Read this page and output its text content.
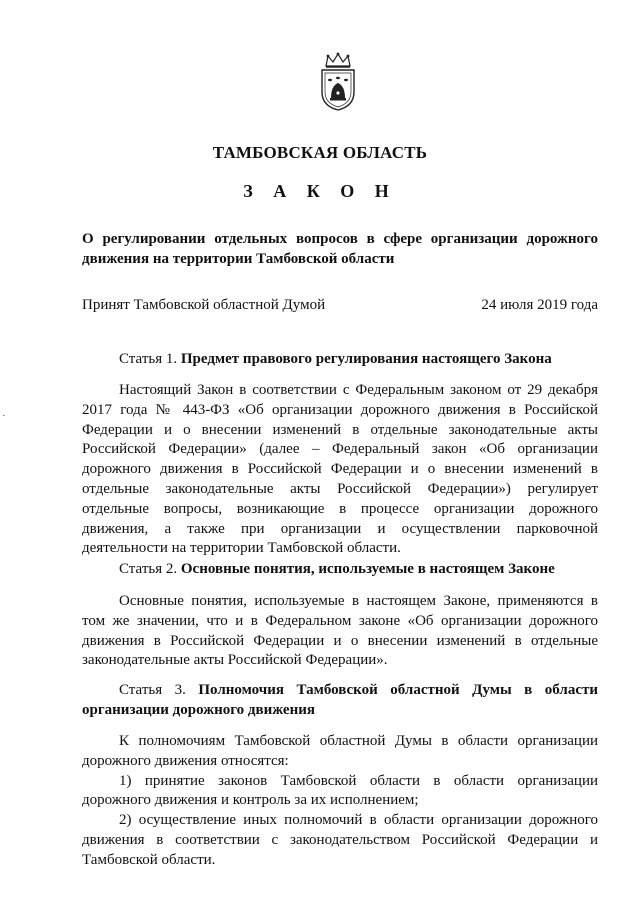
ТАМБОВСКАЯ ОБЛАСТЬ
З А К О Н
О регулировании отдельных вопросов в сфере организации дорожного движения на территории Тамбовской области
Принят Тамбовской областной Думой	24 июля 2019 года
Статья 1. Предмет правового регулирования настоящего Закона

Настоящий Закон в соответствии с Федеральным законом от 29 декабря 2017 года № 443-ФЗ «Об организации дорожного движения в Российской Федерации и о внесении изменений в отдельные законодательные акты Российской Федерации» (далее – Федеральный закон «Об организации дорожного движения в Российской Федерации и о внесении изменений в отдельные законодательные акты Российской Федерации») регулирует отдельные вопросы, возникающие в процессе организации дорожного движения, а также при организации и осуществлении парковочной деятельности на территории Тамбовской области.

Статья 2. Основные понятия, используемые в настоящем Законе

Основные понятия, используемые в настоящем Законе, применяются в том же значении, что и в Федеральном законе «Об организации дорожного движения в Российской Федерации и о внесении изменений в отдельные законодательные акты Российской Федерации».

Статья 3. Полномочия Тамбовской областной Думы в области организации дорожного движения

К полномочиям Тамбовской областной Думы в области организации дорожного движения относятся:

1) принятие законов Тамбовской области в области организации дорожного движения и контроль за их исполнением;

2) осуществление иных полномочий в области организации дорожного движения в соответствии с законодательством Российской Федерации и Тамбовской области.

·
